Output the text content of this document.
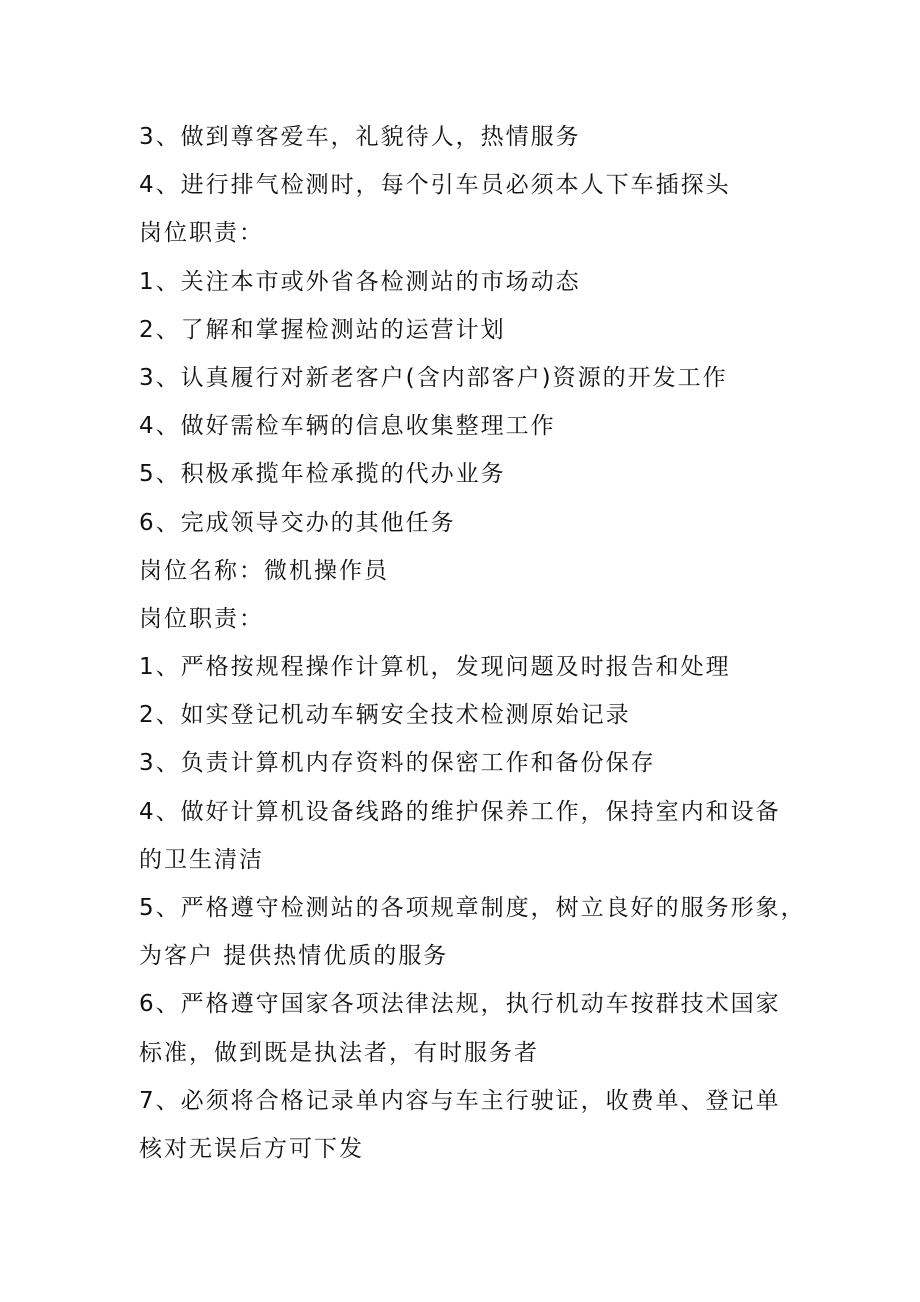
3、做到尊客爱车，礼貌待人，热情服务
4、进行排气检测时，每个引车员必须本人下车插探头
岗位职责：
1、关注本市或外省各检测站的市场动态
2、了解和掌握检测站的运营计划
3、认真履行对新老客户(含内部客户)资源的开发工作
4、做好需检车辆的信息收集整理工作
5、积极承揽年检承揽的代办业务
6、完成领导交办的其他任务
岗位名称：微机操作员
岗位职责：
1、严格按规程操作计算机，发现问题及时报告和处理
2、如实登记机动车辆安全技术检测原始记录
3、负责计算机内存资料的保密工作和备份保存
4、做好计算机设备线路的维护保养工作，保持室内和设备
的卫生清洁
5、严格遵守检测站的各项规章制度，树立良好的服务形象，
为客户 提供热情优质的服务
6、严格遵守国家各项法律法规，执行机动车按群技术国家
标准，做到既是执法者，有时服务者
7、必须将合格记录单内容与车主行驶证，收费单、登记单
核对无误后方可下发
